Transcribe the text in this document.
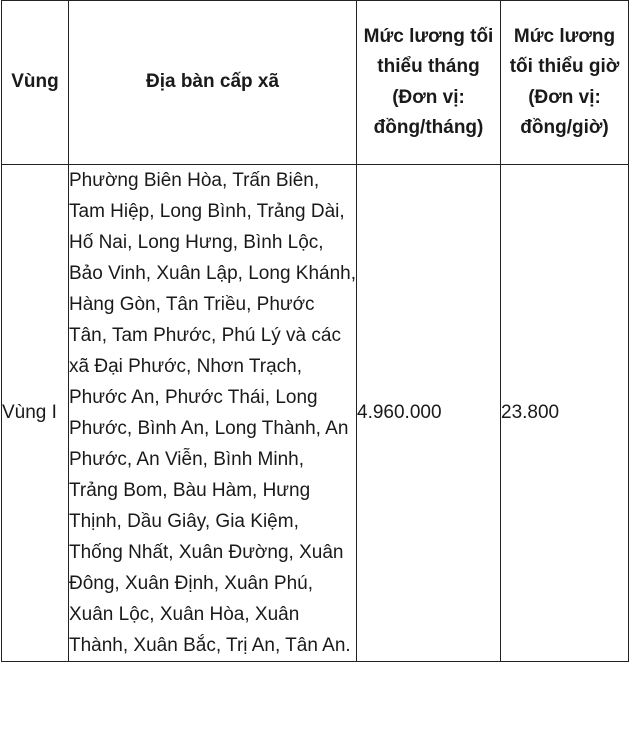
Vùng	Địa bàn cấp xã	Mức lương tối thiểu tháng (Đơn vị: đồng/tháng)	Mức lương tối thiểu giờ (Đơn vị: đồng/giờ)
Vùng I	Phường Biên Hòa, Trấn Biên, Tam Hiệp, Long Bình, Trảng Dài, Hố Nai, Long Hưng, Bình Lộc, Bảo Vinh, Xuân Lập, Long Khánh, Hàng Gòn, Tân Triều, Phước Tân, Tam Phước, Phú Lý và các xã Đại Phước, Nhơn Trạch, Phước An, Phước Thái, Long Phước, Bình An, Long Thành, An Phước, An Viễn, Bình Minh, Trảng Bom, Bàu Hàm, Hưng Thịnh, Dầu Giây, Gia Kiệm, Thống Nhất, Xuân Đường, Xuân Đông, Xuân Định, Xuân Phú, Xuân Lộc, Xuân Hòa, Xuân Thành, Xuân Bắc, Trị An, Tân An.	4.960.000	23.800
